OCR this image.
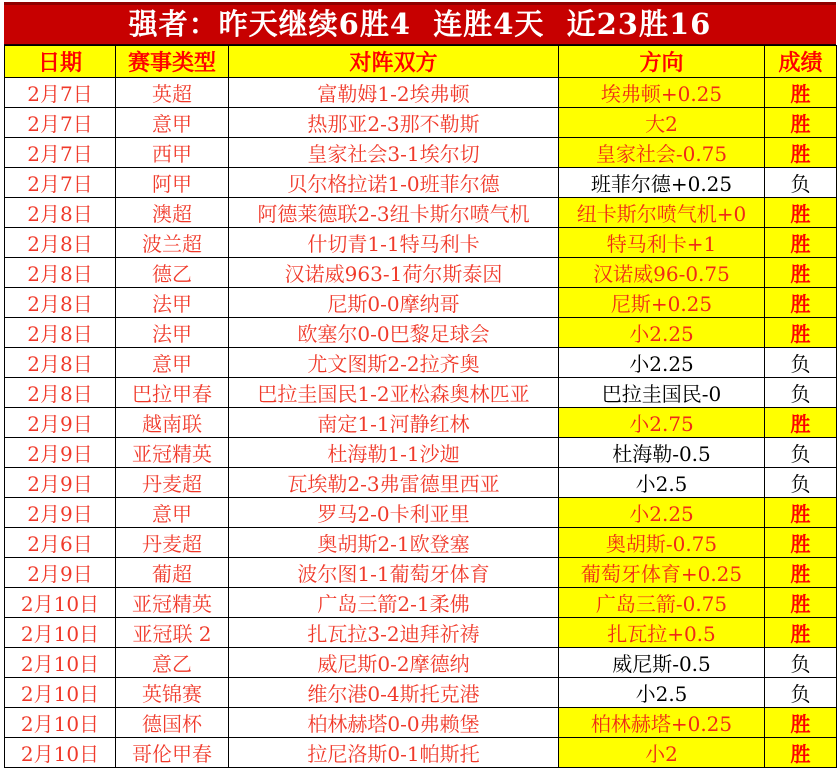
强者：昨天继续6胜4  连胜4天  近23胜16
日期	赛事类型	对阵双方	方向	成绩
2月7日	英超	富勒姆1-2埃弗顿	埃弗顿+0.25	胜
2月7日	意甲	热那亚2-3那不勒斯	大2	胜
2月7日	西甲	皇家社会3-1埃尔切	皇家社会-0.75	胜
2月7日	阿甲	贝尔格拉诺1-0班菲尔德	班菲尔德+0.25	负
2月8日	澳超	阿德莱德联2-3纽卡斯尔喷气机	纽卡斯尔喷气机+0	胜
2月8日	波兰超	什切青1-1特马利卡	特马利卡+1	胜
2月8日	德乙	汉诺威963-1荷尔斯泰因	汉诺威96-0.75	胜
2月8日	法甲	尼斯0-0摩纳哥	尼斯+0.25	胜
2月8日	法甲	欧塞尔0-0巴黎足球会	小2.25	胜
2月8日	意甲	尤文图斯2-2拉齐奥	小2.25	负
2月8日	巴拉甲春	巴拉圭国民1-2亚松森奥林匹亚	巴拉圭国民-0	负
2月9日	越南联	南定1-1河静红林	小2.75	胜
2月9日	亚冠精英	杜海勒1-1沙迦	杜海勒-0.5	负
2月9日	丹麦超	瓦埃勒2-3弗雷德里西亚	小2.5	负
2月9日	意甲	罗马2-0卡利亚里	小2.25	胜
2月6日	丹麦超	奥胡斯2-1欧登塞	奥胡斯-0.75	胜
2月9日	葡超	波尔图1-1葡萄牙体育	葡萄牙体育+0.25	胜
2月10日	亚冠精英	广岛三箭2-1柔佛	广岛三箭-0.75	胜
2月10日	亚冠联 2	扎瓦拉3-2迪拜祈祷	扎瓦拉+0.5	胜
2月10日	意乙	威尼斯0-2摩德纳	威尼斯-0.5	负
2月10日	英锦赛	维尔港0-4斯托克港	小2.5	负
2月10日	德国杯	柏林赫塔0-0弗赖堡	柏林赫塔+0.25	胜
2月10日	哥伦甲春	拉尼洛斯0-1帕斯托	小2	胜
